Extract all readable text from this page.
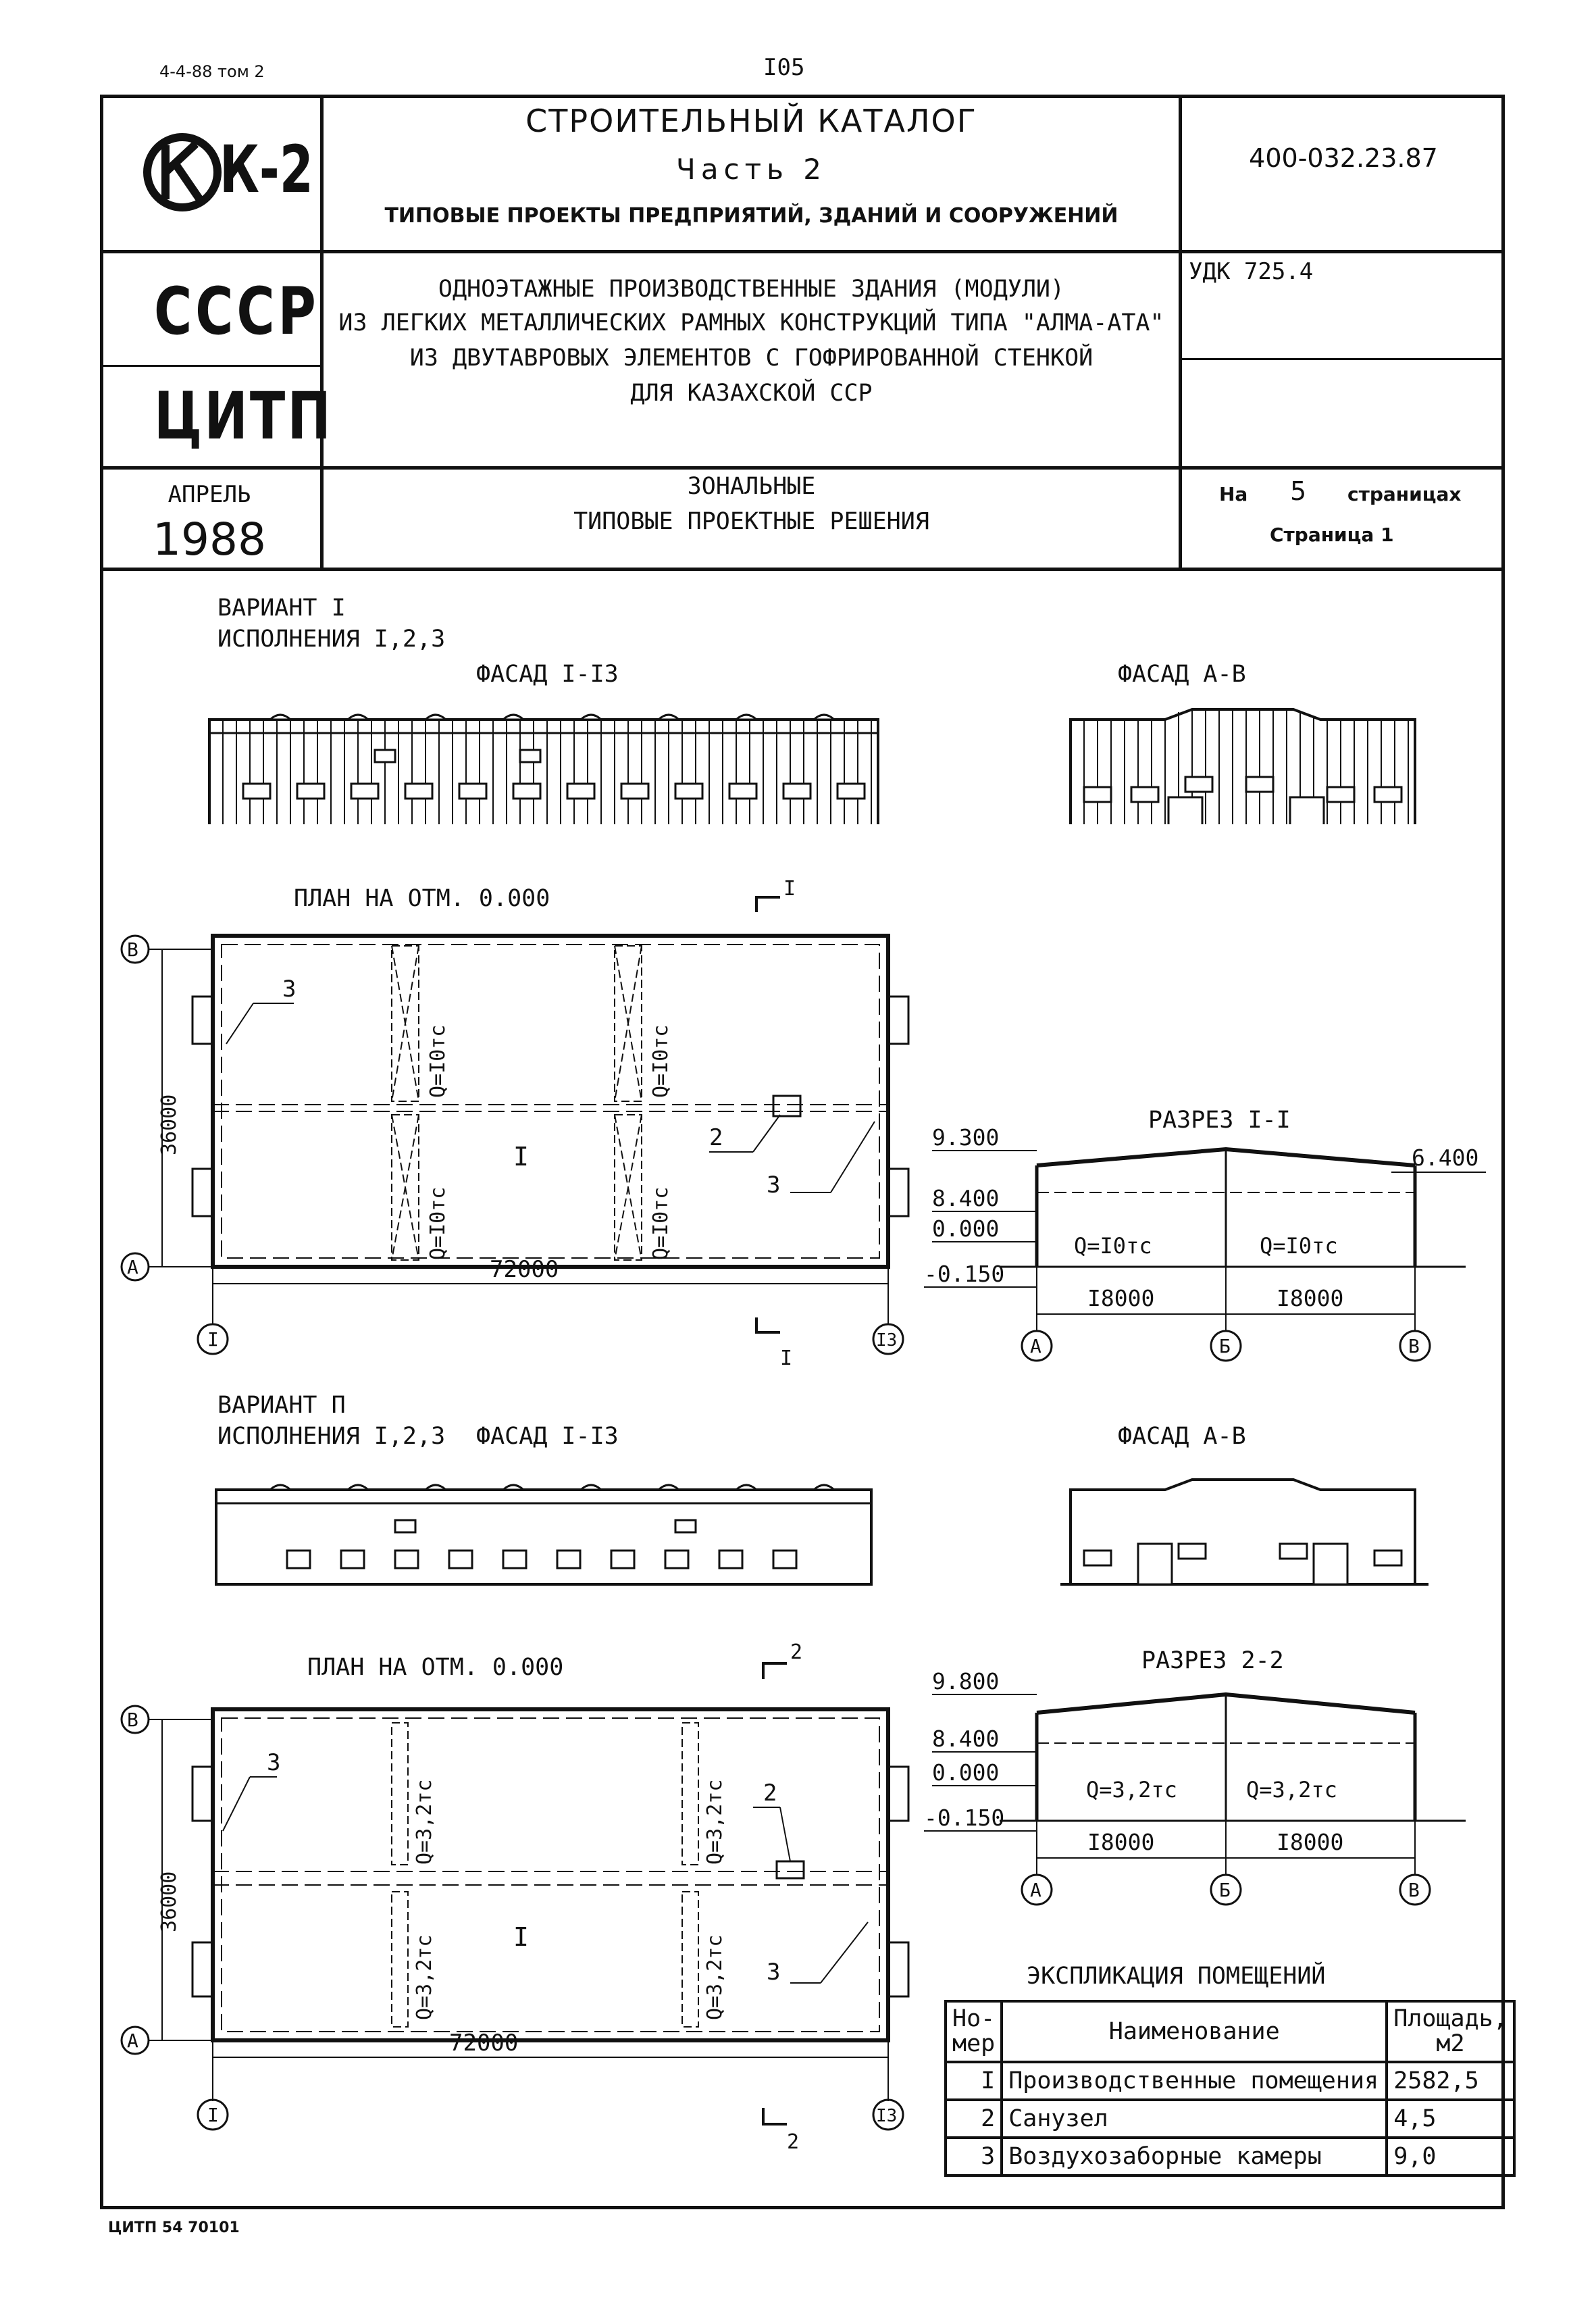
4-4-88 том 2	I05
К-2
СТРОИТЕЛЬНЫЙ КАТАЛОГ
Часть 2
ТИПОВЫЕ ПРОЕКТЫ ПРЕДПРИЯТИЙ, ЗДАНИЙ И СООРУЖЕНИЙ
400-032.23.87
СССР
ЦИТП
УДК 725.4
ОДНОЭТАЖНЫЕ ПРОИЗВОДСТВЕННЫЕ ЗДАНИЯ (МОДУЛИ)
ИЗ ЛЕГКИХ МЕТАЛЛИЧЕСКИХ РАМНЫХ КОНСТРУКЦИЙ ТИПА "АЛМА-АТА"
ИЗ ДВУТАВРОВЫХ ЭЛЕМЕНТОВ С ГОФРИРОВАННОЙ СТЕНКОЙ
ДЛЯ КАЗАХСКОЙ ССР
АПРЕЛЬ
1988
ЗОНАЛЬНЫЕ
ТИПОВЫЕ ПРОЕКТНЫЕ РЕШЕНИЯ
На 5 страницах
Страница 1
ВАРИАНТ I
ИСПОЛНЕНИЯ I,2,3
ФАСАД I-I3	ФАСАД А-В
ПЛАН НА ОТМ. 0.000	I
В
А
36000
Q=I0тс
Q=I0тс
Q=I0тс
Q=I0тс
I
3
2
3
72000
I	I3
I
РАЗРЕЗ I-I
9.300
8.400
0.000
-0.150
Q=I0тс	Q=I0тс
6.400
I8000	I8000
А	Б	В
ВАРИАНТ П
ИСПОЛНЕНИЯ I,2,3 ФАСАД I-I3	ФАСАД А-В
ПЛАН НА ОТМ. 0.000
2
В
А
36000
Q=3,2тс
Q=3,2тс
Q=3,2тс
Q=3,2тс
I
3
2
3
72000
I	I3
2
РАЗРЕЗ 2-2
9.800
8.400
0.000
-0.150
Q=3,2тс	Q=3,2тс
I8000	I8000
А	Б	В
ЭКСПЛИКАЦИЯ ПОМЕЩЕНИЙ
Но-
мер	Наименование	Площадь,
м2
I	Производственные помещения	2582,5
2	Санузел	4,5
3	Воздухозаборные камеры	9,0
ЦИТП 54 70101
